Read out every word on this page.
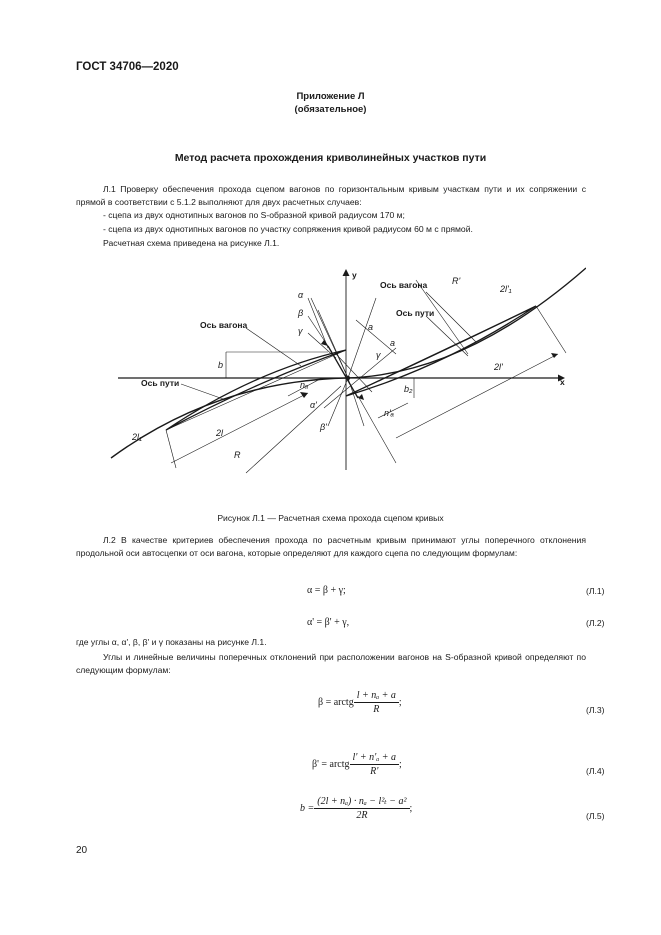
ГОСТ 34706—2020
Приложение Л
(обязательное)
Метод расчета прохождения криволинейных участков пути
Л.1 Проверку обеспечения прохода сцепом вагонов по горизонтальным кривым участкам пути и их сопряжении с прямой в соответствии с 5.1.2 выполняют для двух расчетных случаев:
- сцепа из двух однотипных вагонов по S-образной кривой радиусом 170 м;
- сцепа из двух однотипных вагонов по участку сопряжения кривой радиусом 60 м с прямой.
Расчетная схема приведена на рисунке Л.1.
y
x
Ось вагона
Ось пути
Ось вагона
Ось пути
α
β
γ
γ
α'
β'
b
b₂
a
a
nₐ
n'ₐ
2l
2l'
2l₁
2l'₁
R
R'
Рисунок Л.1 — Расчетная схема прохода сцепом кривых
Л.2 В качестве критериев обеспечения прохода по расчетным кривым принимают углы поперечного отклонения продольной оси автосцепки от оси вагона, которые определяют для каждого сцепа по следующим формулам:
α = β + γ;	(Л.1)
α' = β' + γ,	(Л.2)
где углы α, α', β, β' и γ показаны на рисунке Л.1.
Углы и линейные величины поперечных отклонений при расположении вагонов на S-образной кривой определяют по следующим формулам:
β = arctg $\frac{\text{l + nₐ + a}}{R}$ ;
(Л.3)
β' = arctg $\frac{\text{l' + n'ₐ + a}}{R'}$ ;
(Л.4)
$b = \frac{\text{(2l + nₐ) · nₐ − l²ₜ − a²}}{2R}$ ;
(Л.5)
20
